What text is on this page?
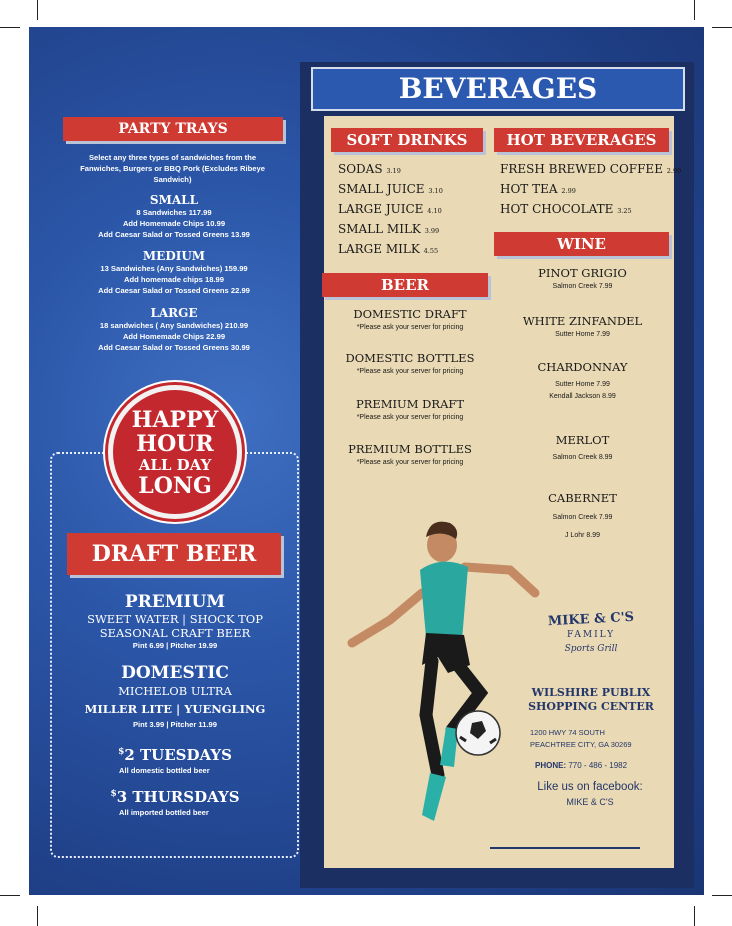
PARTY TRAYS
Select any three types of sandwiches from the Fanwiches, Burgers or BBQ Pork (Excludes Ribeye Sandwich)
SMALL
8 Sandwiches 117.99
Add Homemade Chips 10.99
Add Caesar Salad or Tossed Greens 13.99
MEDIUM
13 Sandwiches (Any Sandwiches) 159.99
Add homemade chips 18.99
Add Caesar Salad or Tossed Greens 22.99
LARGE
18 sandwiches ( Any Sandwiches) 210.99
Add Homemade Chips 22.99
Add Caesar Salad or Tossed Greens 30.99
HAPPY
HOUR
ALL DAY
LONG
DRAFT BEER
PREMIUM
SWEET WATER | SHOCK TOP
SEASONAL CRAFT BEER
Pint 6.99 | Pitcher 19.99
DOMESTIC
MICHELOB ULTRA
MILLER LITE | YUENGLING
Pint 3.99 | Pitcher 11.99
$2 TUESDAYS
All domestic bottled beer
$3 THURSDAYS
All imported bottled beer
BEVERAGES
SOFT DRINKS
SODAS 3.19
SMALL JUICE 3.10
LARGE JUICE 4.10
SMALL MILK 3.99
LARGE MILK 4.55
HOT BEVERAGES
FRESH BREWED COFFEE 2.99
HOT TEA 2.99
HOT CHOCOLATE 3.25
BEER
DOMESTIC DRAFT
*Please ask your server for pricing
DOMESTIC BOTTLES
*Please ask your server for pricing
PREMIUM DRAFT
*Please ask your server for pricing
PREMIUM BOTTLES
*Please ask your server for pricing
WINE
PINOT GRIGIO
Salmon Creek 7.99
WHITE ZINFANDEL
Sutter Home 7.99
CHARDONNAY
Sutter Home 7.99
Kendall Jackson 8.99
MERLOT
Salmon Creek 8.99
CABERNET
Salmon Creek 7.99
J Lohr 8.99
MIKE & C'S
FAMILY
Sports Grill
WILSHIRE PUBLIX
SHOPPING CENTER
1200 HWY 74 SOUTH
PEACHTREE CITY, GA 30269
PHONE: 770 - 486 - 1982
Like us on facebook:
MIKE & C'S
